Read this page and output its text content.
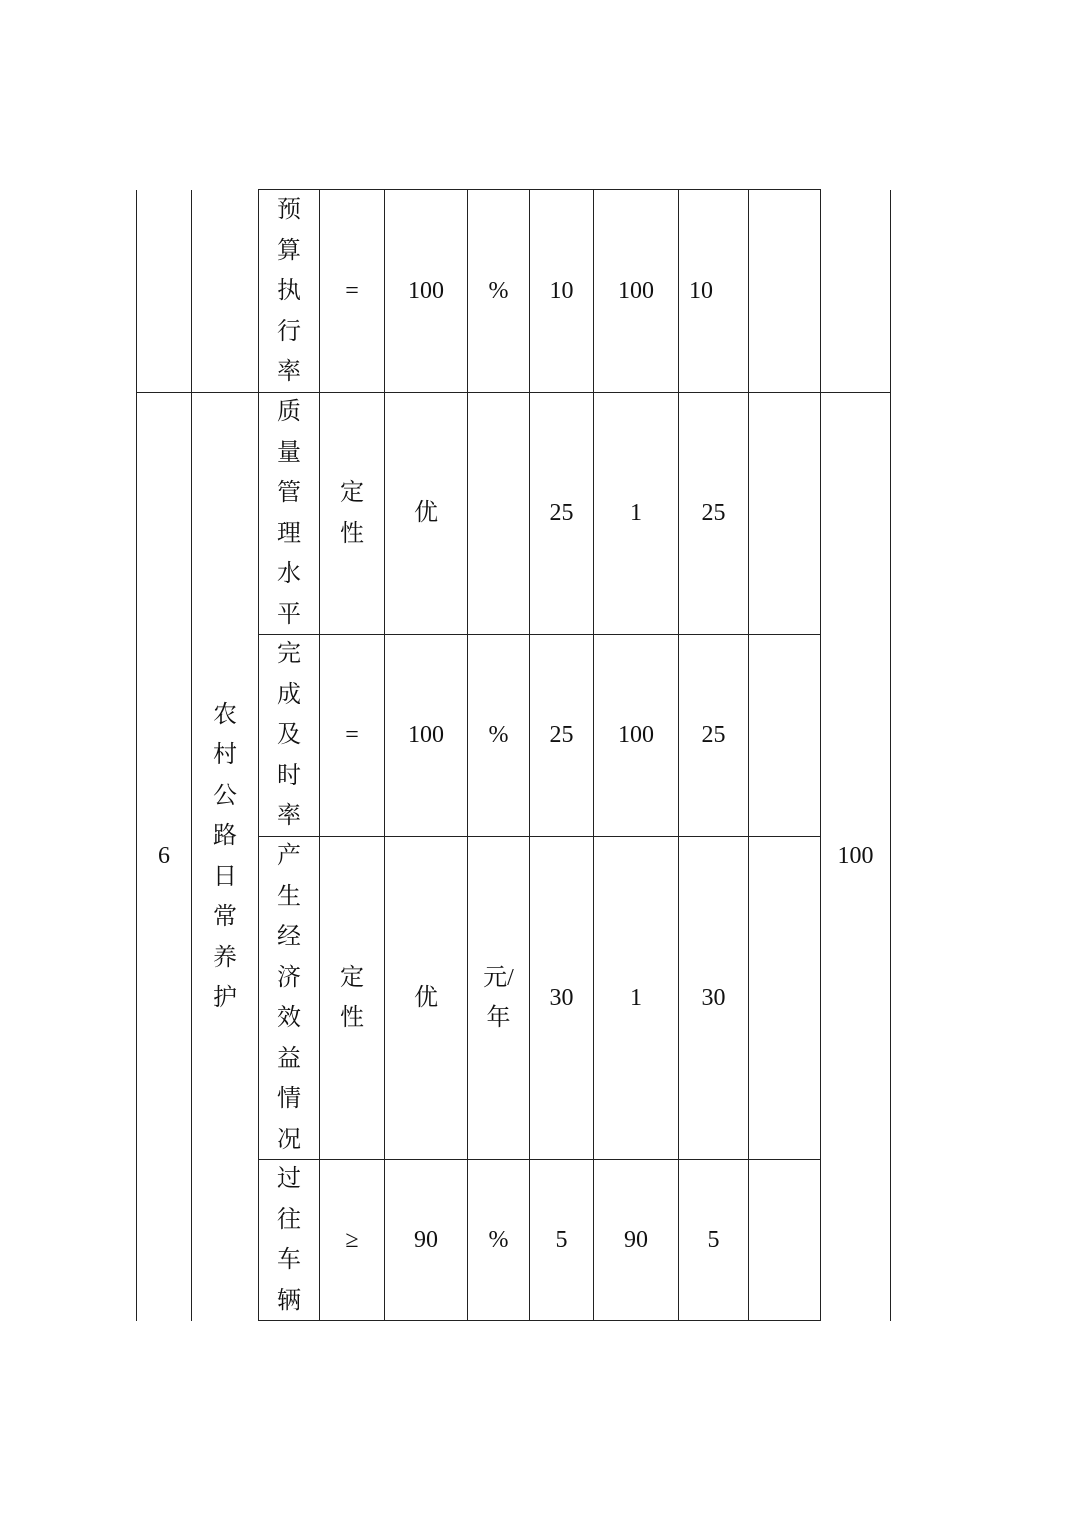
预算执行率
= 100 % 10 100 10
6
农村公路日常养护
100
质量管理水平
定性
优	25 1 25
完成及时率
= 100 % 25 100 25
产生经济效益情况
定性
优
元/年
30 1 30
过往车辆
≥ 90 % 5 90 5
